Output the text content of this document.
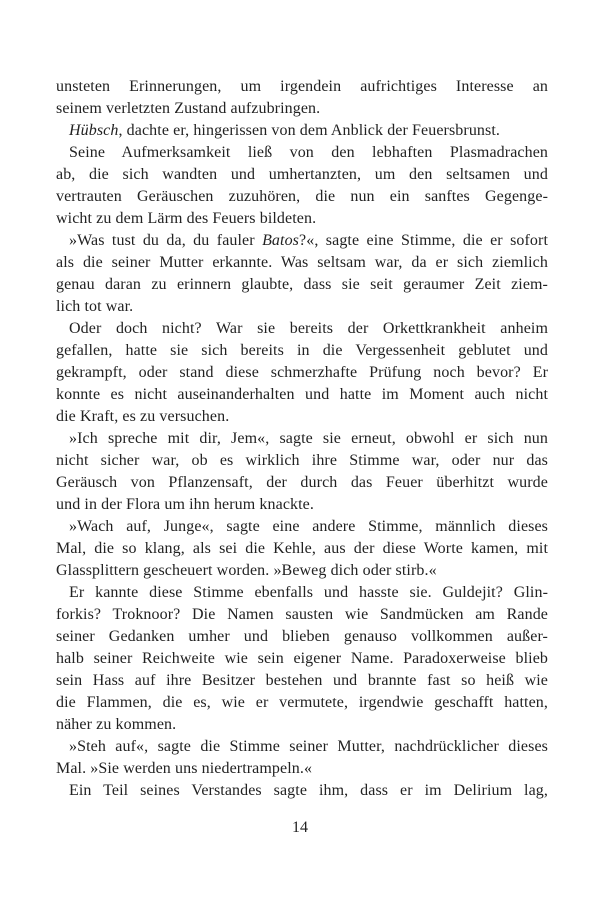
unsteten Erinnerungen, um irgendein aufrichtiges Interesse an
seinem verletzten Zustand aufzubringen.
Hübsch, dachte er, hingerissen von dem Anblick der Feuersbrunst.
Seine Aufmerksamkeit ließ von den lebhaften Plasmadrachen
ab, die sich wandten und umhertanzten, um den seltsamen und
vertrauten Geräuschen zuzuhören, die nun ein sanftes Gegenge-
wicht zu dem Lärm des Feuers bildeten.
»Was tust du da, du fauler Batos?«, sagte eine Stimme, die er sofort
als die seiner Mutter erkannte. Was seltsam war, da er sich ziemlich
genau daran zu erinnern glaubte, dass sie seit geraumer Zeit ziem-
lich tot war.
Oder doch nicht? War sie bereits der Orkettkrankheit anheim
gefallen, hatte sie sich bereits in die Vergessenheit geblutet und
gekrampft, oder stand diese schmerzhafte Prüfung noch bevor? Er
konnte es nicht auseinanderhalten und hatte im Moment auch nicht
die Kraft, es zu versuchen.
»Ich spreche mit dir, Jem«, sagte sie erneut, obwohl er sich nun
nicht sicher war, ob es wirklich ihre Stimme war, oder nur das
Geräusch von Pflanzensaft, der durch das Feuer überhitzt wurde
und in der Flora um ihn herum knackte.
»Wach auf, Junge«, sagte eine andere Stimme, männlich dieses
Mal, die so klang, als sei die Kehle, aus der diese Worte kamen, mit
Glassplittern gescheuert worden. »Beweg dich oder stirb.«
Er kannte diese Stimme ebenfalls und hasste sie. Guldejit? Glin-
forkis? Troknoor? Die Namen sausten wie Sandmücken am Rande
seiner Gedanken umher und blieben genauso vollkommen außer-
halb seiner Reichweite wie sein eigener Name. Paradoxerweise blieb
sein Hass auf ihre Besitzer bestehen und brannte fast so heiß wie
die Flammen, die es, wie er vermutete, irgendwie geschafft hatten,
näher zu kommen.
»Steh auf«, sagte die Stimme seiner Mutter, nachdrücklicher dieses
Mal. »Sie werden uns niedertrampeln.«
Ein Teil seines Verstandes sagte ihm, dass er im Delirium lag,
14
